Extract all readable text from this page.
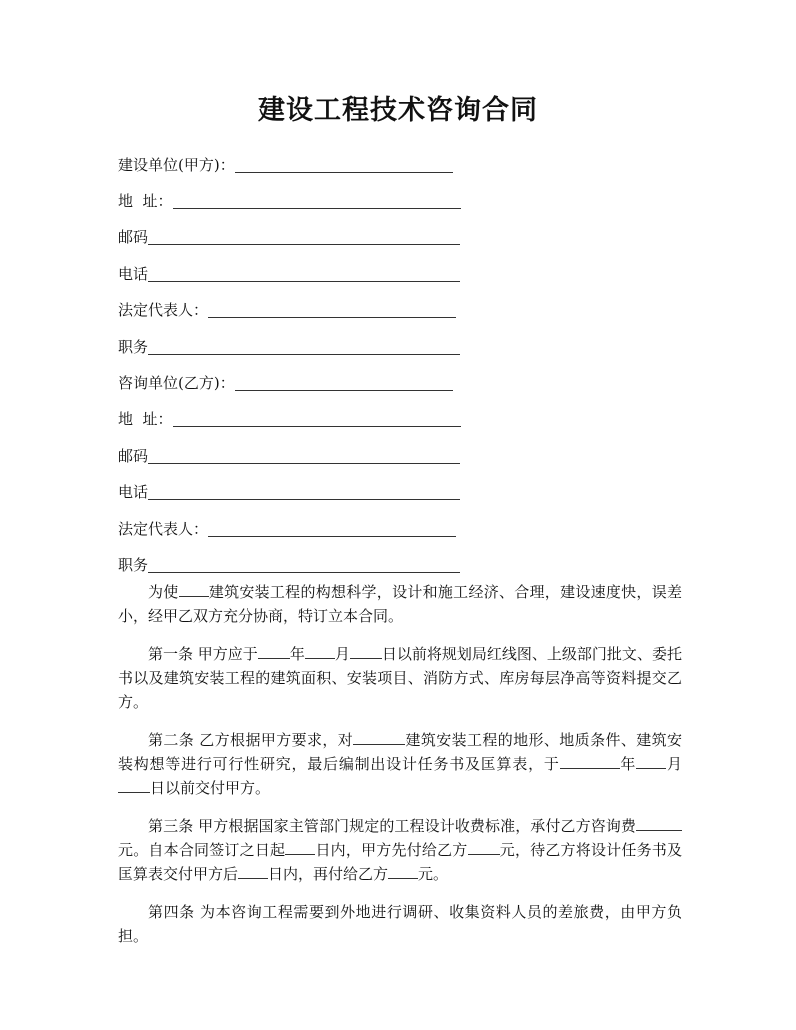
建设工程技术咨询合同
建设单位(甲方)：
地  址：
邮码
电话
法定代表人：
职务
咨询单位(乙方)：
地  址：
邮码
电话
法定代表人：
职务

为使 建筑安装工程的构想科学，设计和施工经济、合理，建设速度快，误差小，经甲乙双方充分协商，特订立本合同。

第一条 甲方应于 年 月 日以前将规划局红线图、上级部门批文、委托书以及建筑安装工程的建筑面积、安装项目、消防方式、库房每层净高等资料提交乙方。

第二条 乙方根据甲方要求，对	建筑安装工程的地形、地质条件、建筑安装构想等进行可行性研究，最后编制出设计任务书及匡算表，于	年 月日以前交付甲方。

第三条 甲方根据国家主管部门规定的工程设计收费标准，承付乙方咨询费 元。自本合同签订之日起 日内，甲方先付给乙方 元，待乙方将设计任务书及匡算表交付甲方后 日内，再付给乙方 元。

第四条 为本咨询工程需要到外地进行调研、收集资料人员的差旅费，由甲方负担。
